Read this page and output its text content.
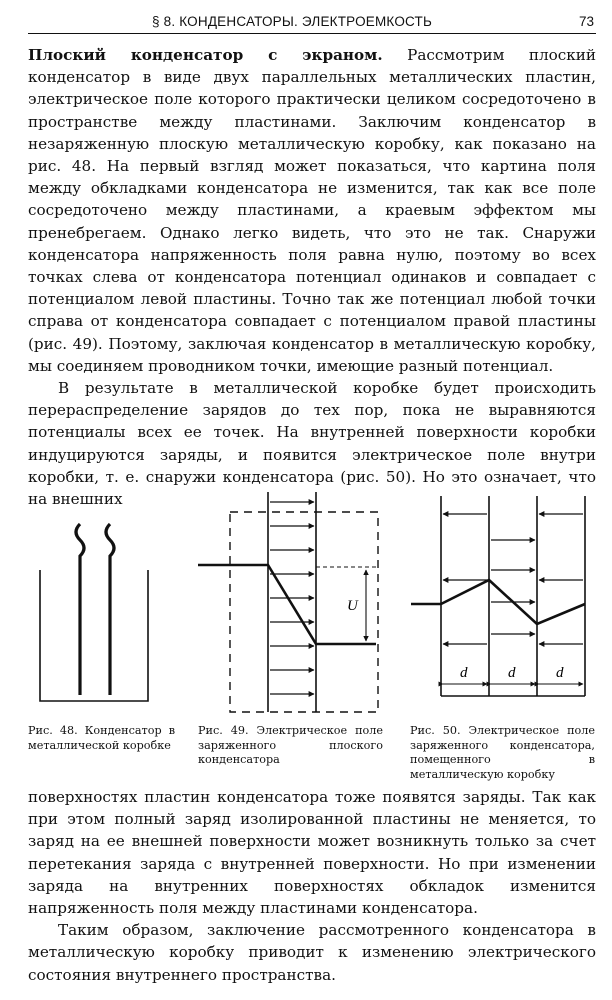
§ 8. КОНДЕНСАТОРЫ. ЭЛЕКТРОЕМКОСТЬ	73

Плоский конденсатор с экраном. Рассмотрим плоский конденсатор в виде двух параллельных металлических пластин, электрическое поле которого практически целиком сосредоточено в пространстве между пластинами. Заключим конденсатор в незаряженную плоскую металлическую коробку, как показано на рис. 48. На первый взгляд может показаться, что картина поля между обкладками конденсатора не изменится, так как все поле сосредоточено между пластинами, а краевым эффектом мы пренебрегаем. Однако легко видеть, что это не так. Снаружи конденсатора напряженность поля равна нулю, поэтому во всех точках слева от конденсатора потенциал одинаков и совпадает с потенциалом левой пластины. Точно так же потенциал любой точки справа от конденсатора совпадает с потенциалом правой пластины (рис. 49). Поэтому, заключая конденсатор в металлическую коробку, мы соединяем проводником точки, имеющие разный потенциал.

В результате в металлической коробке будет происходить перераспределение зарядов до тех пор, пока не выравняются потенциалы всех ее точек. На внутренней поверхности коробки индуцируются заряды, и появится электрическое поле внутри коробки, т. е. снаружи конденсатора (рис. 50). Но это означает, что на внешних

Рис. 48. Конденсатор в металлической коробке
U
Рис. 49. Электрическое поле заряженного плоского конденсатора
d	d	d
Рис. 50. Электрическое поле заряженного конденсатора, помещенного в металлическую коробку

поверхностях пластин конденсатора тоже появятся заряды. Так как при этом полный заряд изолированной пластины не меняется, то заряд на ее внешней поверхности может возникнуть только за счет перетекания заряда с внутренней поверхности. Но при изменении заряда на внутренних поверхностях обкладок изменится напряженность поля между пластинами конденсатора.

Таким образом, заключение рассмотренного конденсатора в металлическую коробку приводит к изменению электрического состояния внутреннего пространства.
